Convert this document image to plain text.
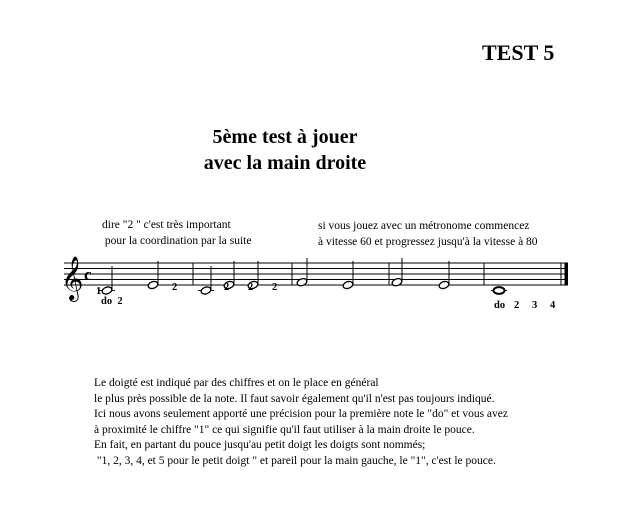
TEST 5
5ème test à jouer
avec la main droite
dire "2 " c'est très important
pour la coordination par la suite
si vous jouez avec un métronome commencez
à vitesse 60 et progressez jusqu'à la vitesse à 80
𝄞 c
1	2	2 2 2
do  2	do 2 3 4
Le doigté est indiqué par des chiffres et on le place en général
le plus près possible de la note. Il faut savoir également qu'il n'est pas toujours indiqué.
Ici nous avons seulement apporté une précision pour la première note le "do" et vous avez
à proximité le chiffre "1" ce qui signifie qu'il faut utiliser à la main droite le pouce.
En fait, en partant du pouce jusqu'au petit doigt les doigts sont nommés;
"1, 2, 3, 4, et 5 pour le petit doigt " et pareil pour la main gauche, le "1", c'est le pouce.
